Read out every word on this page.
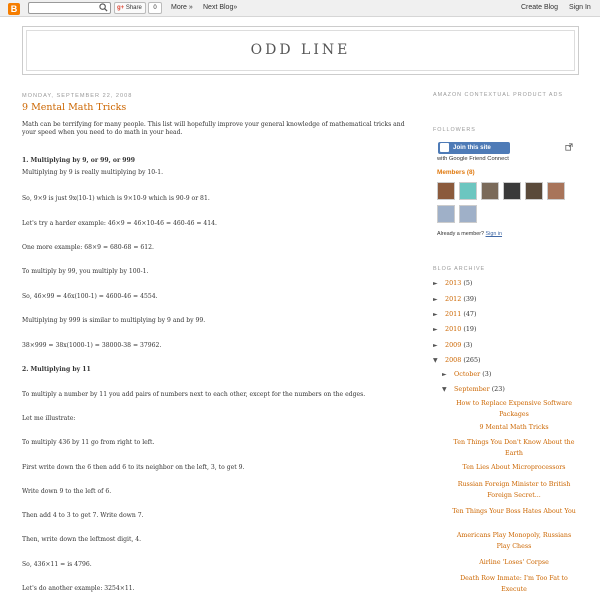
B	g+ Share	0	More » Next Blog»	Create Blog Sign In
ODD LINE
MONDAY, SEPTEMBER 22, 2008
9 Mental Math Tricks
Math can be terrifying for many people. This list will hopefully improve your general knowledge of mathematical tricks and your speed when you need to do math in your head.
1. Multiplying by 9, or 99, or 999
Multiplying by 9 is really multiplying by 10-1.
So, 9×9 is just 9x(10-1) which is 9×10-9 which is 90-9 or 81.
Let's try a harder example: 46×9 = 46×10-46 = 460-46 = 414.
One more example: 68×9 = 680-68 = 612.
To multiply by 99, you multiply by 100-1.
So, 46×99 = 46x(100-1) = 4600-46 = 4554.
Multiplying by 999 is similar to multiplying by 9 and by 99.
38×999 = 38x(1000-1) = 38000-38 = 37962.
2. Multiplying by 11
To multiply a number by 11 you add pairs of numbers next to each other, except for the numbers on the edges.
Let me illustrate:
To multiply 436 by 11 go from right to left.
First write down the 6 then add 6 to its neighbor on the left, 3, to get 9.
Write down 9 to the left of 6.
Then add 4 to 3 to get 7. Write down 7.
Then, write down the leftmost digit, 4.
So, 436×11 = is 4796.
Let's do another example: 3254×11.
AMAZON CONTEXTUAL PRODUCT ADS
FOLLOWERS
Join this site
with Google Friend Connect
Members (8)
Already a member? Sign in
BLOG ARCHIVE
► 2013 (5)
► 2012 (39)
► 2011 (47)
► 2010 (19)
► 2009 (3)
▼ 2008 (265)
► October (3)
▼ September (23)
How to Replace Expensive Software Packages
9 Mental Math Tricks
Ten Things You Don't Know About the Earth
Ten Lies About Microprocessors
Russian Foreign Minister to British Foreign Secret...
Ten Things Your Boss Hates About You
Americans Play Monopoly, Russians Play Chess
Airline 'Loses' Corpse
Death Row Inmate: I'm Too Fat to Execute
